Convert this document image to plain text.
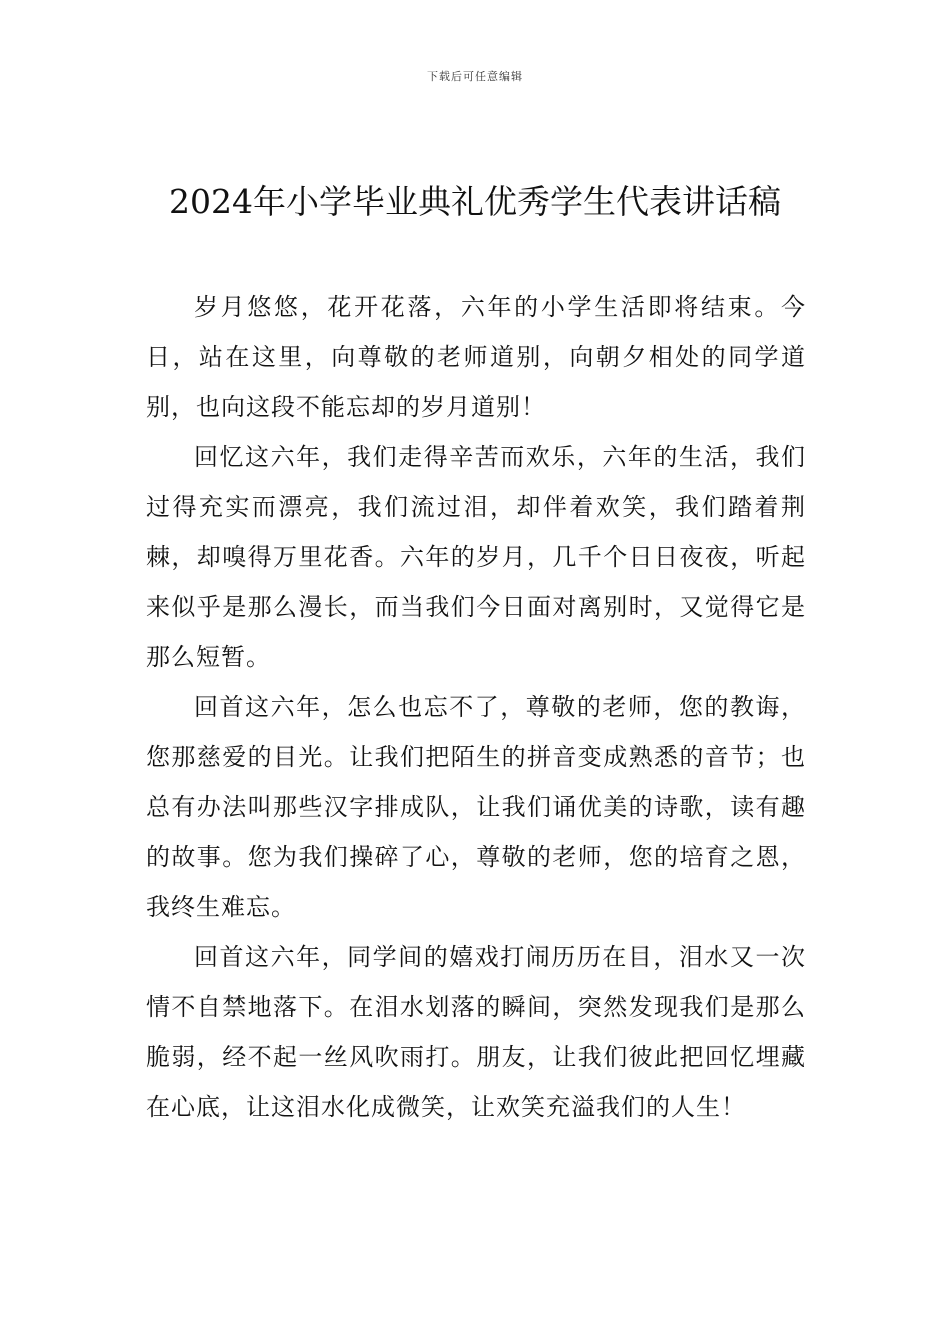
下载后可任意编辑
2024年小学毕业典礼优秀学生代表讲话稿

岁月悠悠，花开花落，六年的小学生活即将结束。今日，站在这里，向尊敬的老师道别，向朝夕相处的同学道别，也向这段不能忘却的岁月道别！

回忆这六年，我们走得辛苦而欢乐，六年的生活，我们过得充实而漂亮，我们流过泪，却伴着欢笑，我们踏着荆棘，却嗅得万里花香。六年的岁月，几千个日日夜夜，听起来似乎是那么漫长，而当我们今日面对离别时，又觉得它是那么短暂。

回首这六年，怎么也忘不了，尊敬的老师，您的教诲，您那慈爱的目光。让我们把陌生的拼音变成熟悉的音节；也总有办法叫那些汉字排成队，让我们诵优美的诗歌，读有趣的故事。您为我们操碎了心，尊敬的老师，您的培育之恩，我终生难忘。

回首这六年，同学间的嬉戏打闹历历在目，泪水又一次情不自禁地落下。在泪水划落的瞬间，突然发现我们是那么脆弱，经不起一丝风吹雨打。朋友，让我们彼此把回忆埋藏在心底，让这泪水化成微笑，让欢笑充溢我们的人生！
